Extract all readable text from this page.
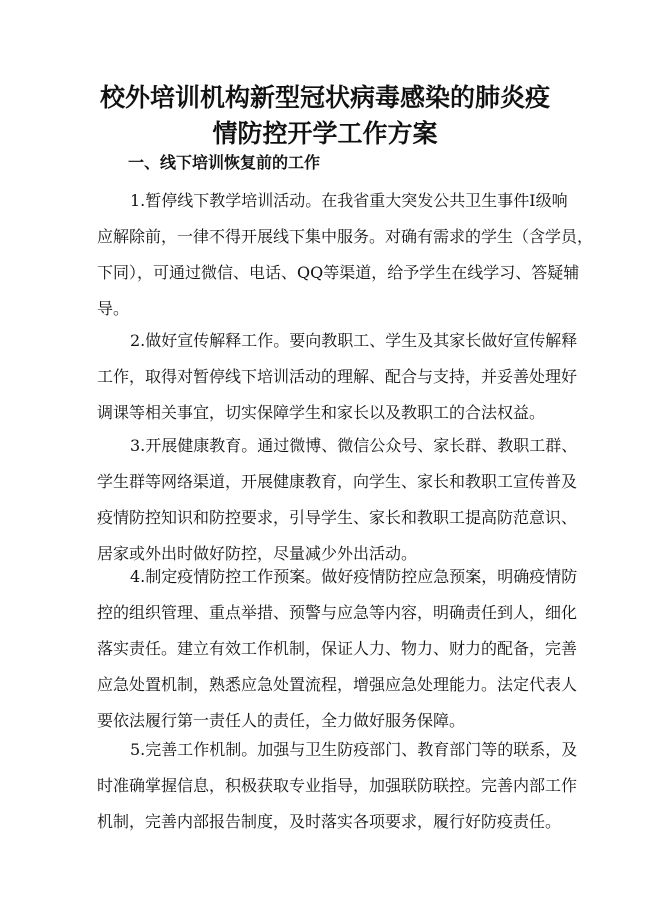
校外培训机构新型冠状病毒感染的肺炎疫
情防控开学工作方案
一、线下培训恢复前的工作
1.暂停线下教学培训活动。在我省重大突发公共卫生事件Ⅰ级响
应解除前，一律不得开展线下集中服务。对确有需求的学生（含学员，
下同），可通过微信、电话、QQ等渠道，给予学生在线学习、答疑辅
导。
2.做好宣传解释工作。要向教职工、学生及其家长做好宣传解释
工作，取得对暂停线下培训活动的理解、配合与支持，并妥善处理好
调课等相关事宜，切实保障学生和家长以及教职工的合法权益。
3.开展健康教育。通过微博、微信公众号、家长群、教职工群、
学生群等网络渠道，开展健康教育，向学生、家长和教职工宣传普及
疫情防控知识和防控要求，引导学生、家长和教职工提高防范意识、
居家或外出时做好防控，尽量减少外出活动。
4.制定疫情防控工作预案。做好疫情防控应急预案，明确疫情防
控的组织管理、重点举措、预警与应急等内容，明确责任到人，细化
落实责任。建立有效工作机制，保证人力、物力、财力的配备，完善
应急处置机制，熟悉应急处置流程，增强应急处理能力。法定代表人
要依法履行第一责任人的责任，全力做好服务保障。
5.完善工作机制。加强与卫生防疫部门、教育部门等的联系，及
时准确掌握信息，积极获取专业指导，加强联防联控。完善内部工作
机制，完善内部报告制度，及时落实各项要求，履行好防疫责任。
